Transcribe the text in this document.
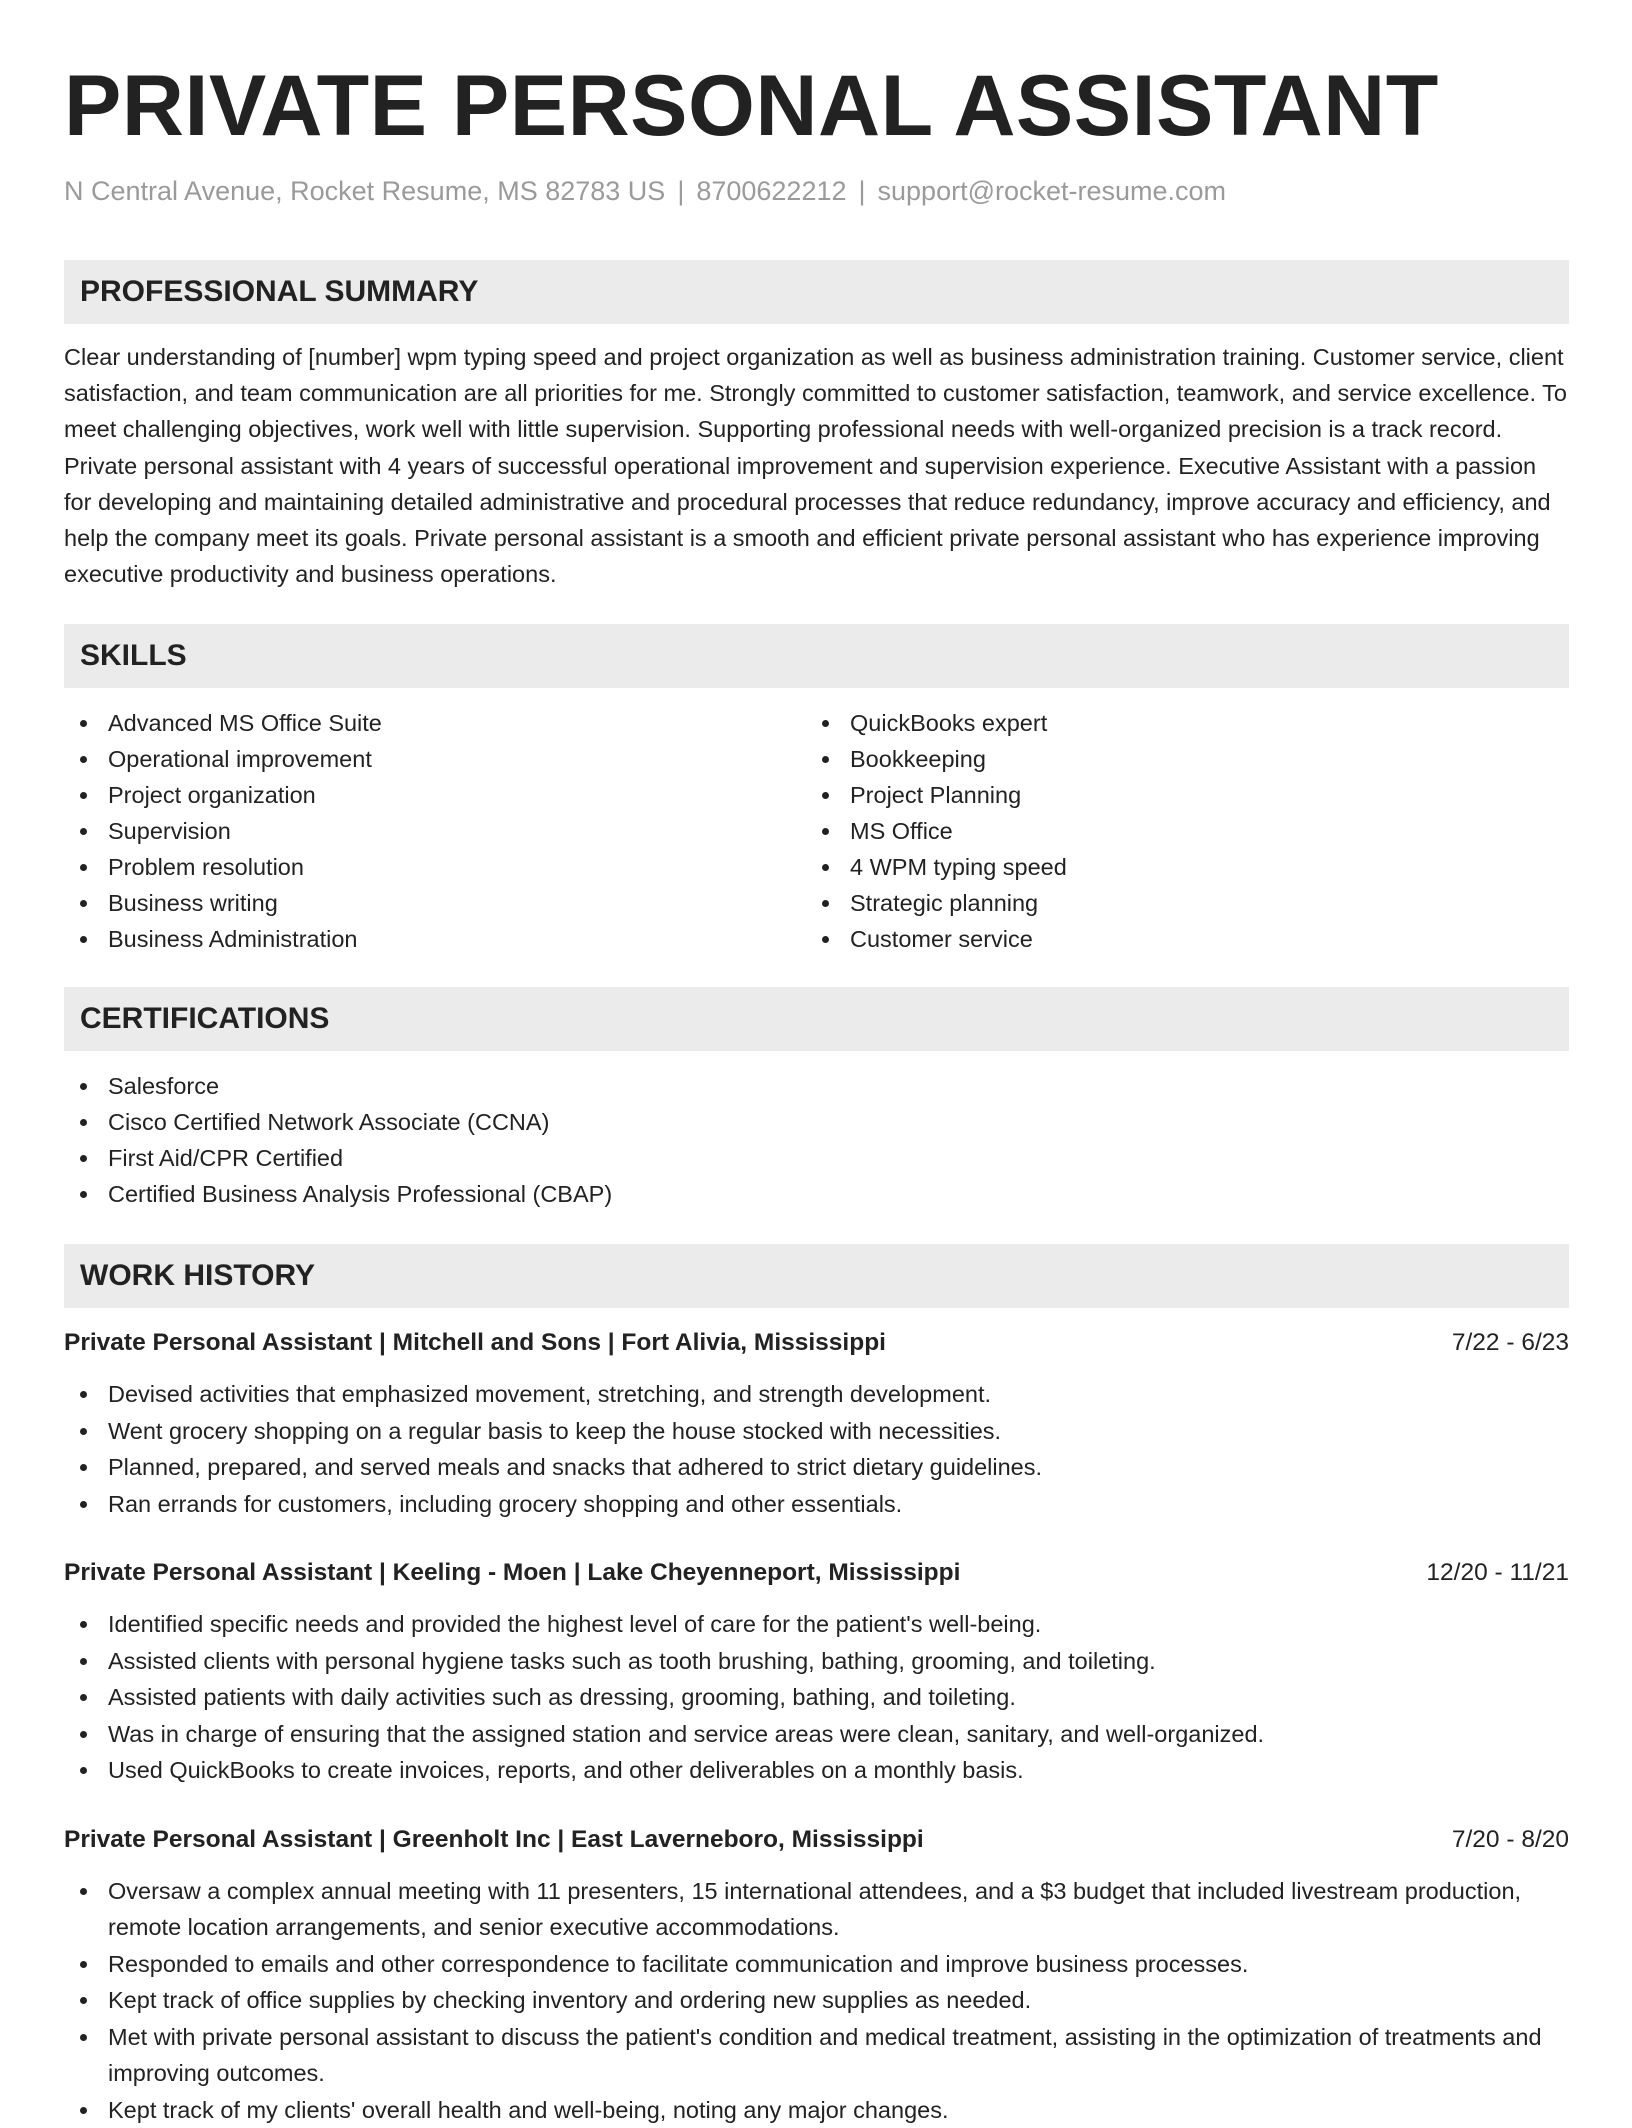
PRIVATE PERSONAL ASSISTANT
N Central Avenue, Rocket Resume, MS 82783 US | 8700622212 | support@rocket-resume.com
PROFESSIONAL SUMMARY

Clear understanding of [number] wpm typing speed and project organization as well as business administration training. Customer service, client satisfaction, and team communication are all priorities for me. Strongly committed to customer satisfaction, teamwork, and service excellence. To meet challenging objectives, work well with little supervision. Supporting professional needs with well-organized precision is a track record. Private personal assistant with 4 years of successful operational improvement and supervision experience. Executive Assistant with a passion for developing and maintaining detailed administrative and procedural processes that reduce redundancy, improve accuracy and efficiency, and help the company meet its goals. Private personal assistant is a smooth and efficient private personal assistant who has experience improving executive productivity and business operations.

SKILLS
Advanced MS Office Suite
Operational improvement
Project organization
Supervision
Problem resolution
Business writing
Business Administration
QuickBooks expert
Bookkeeping
Project Planning
MS Office
4 WPM typing speed
Strategic planning
Customer service
CERTIFICATIONS
Salesforce
Cisco Certified Network Associate (CCNA)
First Aid/CPR Certified
Certified Business Analysis Professional (CBAP)
WORK HISTORY
Private Personal Assistant | Mitchell and Sons | Fort Alivia, Mississippi	7/22 - 6/23
Devised activities that emphasized movement, stretching, and strength development.
Went grocery shopping on a regular basis to keep the house stocked with necessities.
Planned, prepared, and served meals and snacks that adhered to strict dietary guidelines.
Ran errands for customers, including grocery shopping and other essentials.
Private Personal Assistant | Keeling - Moen | Lake Cheyenneport, Mississippi	12/20 - 11/21
Identified specific needs and provided the highest level of care for the patient's well-being.
Assisted clients with personal hygiene tasks such as tooth brushing, bathing, grooming, and toileting.
Assisted patients with daily activities such as dressing, grooming, bathing, and toileting.
Was in charge of ensuring that the assigned station and service areas were clean, sanitary, and well-organized.
Used QuickBooks to create invoices, reports, and other deliverables on a monthly basis.
Private Personal Assistant | Greenholt Inc | East Laverneboro, Mississippi	7/20 - 8/20
Oversaw a complex annual meeting with 11 presenters, 15 international attendees, and a $3 budget that included livestream production, remote location arrangements, and senior executive accommodations.
Responded to emails and other correspondence to facilitate communication and improve business processes.
Kept track of office supplies by checking inventory and ordering new supplies as needed.
Met with private personal assistant to discuss the patient's condition and medical treatment, assisting in the optimization of treatments and improving outcomes.
Kept track of my clients' overall health and well-being, noting any major changes.
